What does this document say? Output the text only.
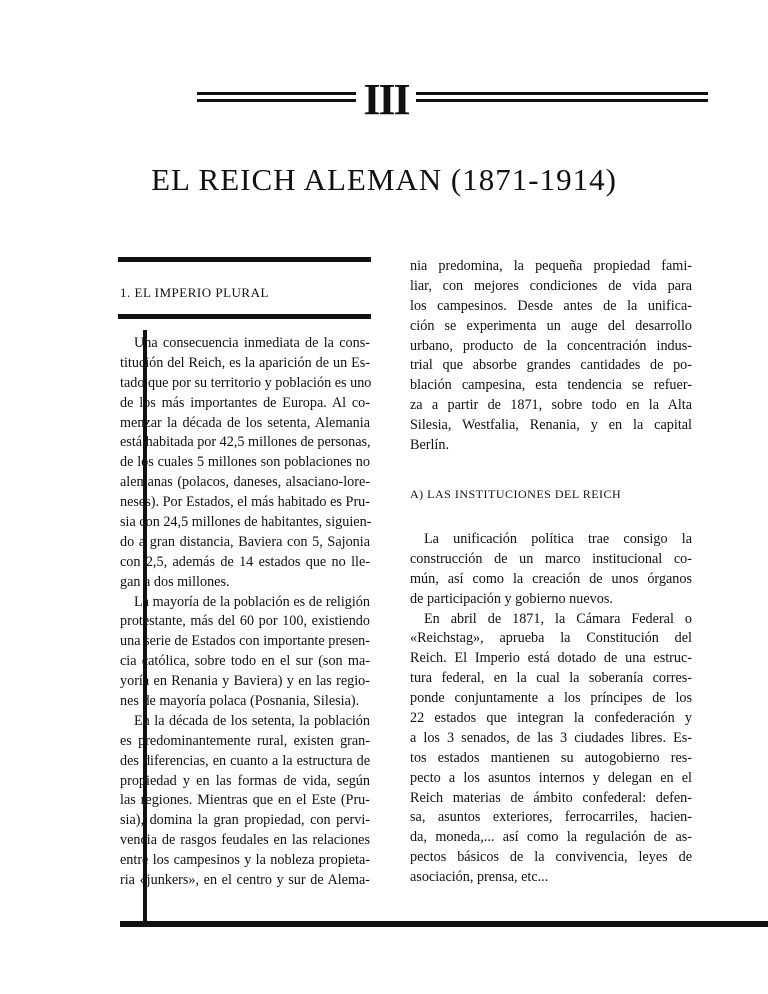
III
EL REICH ALEMAN (1871-1914)
1. EL IMPERIO PLURAL
Una consecuencia inmediata de la cons-
titución del Reich, es la aparición de un Es-
tado que por su territorio y población es uno
de los más importantes de Europa. Al co-
menzar la década de los setenta, Alemania
está habitada por 42,5 millones de personas,
de los cuales 5 millones son poblaciones no
alemanas (polacos, daneses, alsaciano-lore-
neses). Por Estados, el más habitado es Pru-
sia con 24,5 millones de habitantes, siguien-
do a gran distancia, Baviera con 5, Sajonia
con 2,5, además de 14 estados que no lle-
gan a dos millones.
La mayoría de la población es de religión
protestante, más del 60 por 100, existiendo
una serie de Estados con importante presen-
cia católica, sobre todo en el sur (son ma-
yoría en Renania y Baviera) y en las regio-
nes de mayoría polaca (Posnania, Silesia).
En la década de los setenta, la población
es predominantemente rural, existen gran-
des diferencias, en cuanto a la estructura de
propiedad y en las formas de vida, según
las regiones. Mientras que en el Este (Pru-
sia), domina la gran propiedad, con pervi-
vencia de rasgos feudales en las relaciones
entre los campesinos y la nobleza propieta-
ria «junkers», en el centro y sur de Alema-
nia predomina, la pequeña propiedad fami-
liar, con mejores condiciones de vida para
los campesinos. Desde antes de la unifica-
ción se experimenta un auge del desarrollo
urbano, producto de la concentración indus-
trial que absorbe grandes cantidades de po-
blación campesina, esta tendencia se refuer-
za a partir de 1871, sobre todo en la Alta
Silesia, Westfalia, Renania, y en la capital
Berlín.
A) LAS INSTITUCIONES DEL REICH
La unificación política trae consigo la
construcción de un marco institucional co-
mún, así como la creación de unos órganos
de participación y gobierno nuevos.
En abril de 1871, la Cámara Federal o
«Reichstag», aprueba la Constitución del
Reich. El Imperio está dotado de una estruc-
tura federal, en la cual la soberanía corres-
ponde conjuntamente a los príncipes de los
22 estados que integran la confederación y
a los 3 senados, de las 3 ciudades libres. Es-
tos estados mantienen su autogobierno res-
pecto a los asuntos internos y delegan en el
Reich materias de ámbito confederal: defen-
sa, asuntos exteriores, ferrocarriles, hacien-
da, moneda,... así como la regulación de as-
pectos básicos de la convivencia, leyes de
asociación, prensa, etc...
